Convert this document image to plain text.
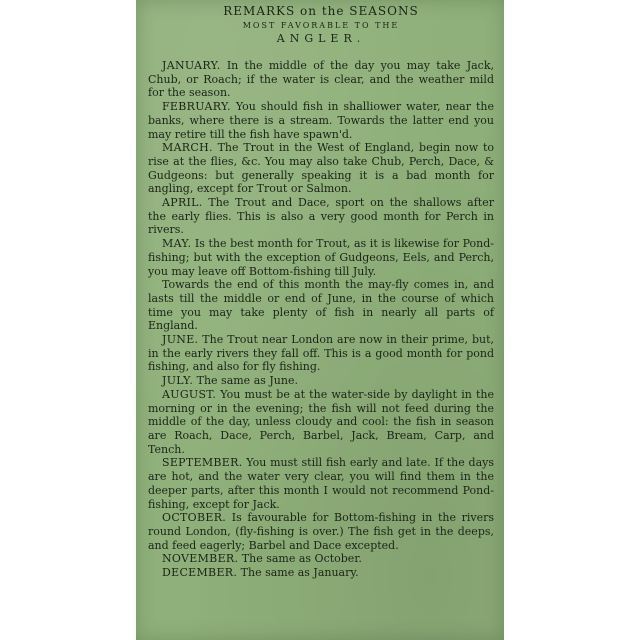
REMARKS on the SEASONS
MOST FAVORABLE TO THE
ANGLER.

JANUARY. In the middle of the day you may take Jack, Chub, or Roach; if the water is clear, and the weather mild for the season.

FEBRUARY. You should fish in shalliower water, near the banks, where there is a stream. Towards the latter end you may retire till the fish have spawn'd.

MARCH. The Trout in the West of England, begin now to rise at the flies, &c. You may also take Chub, Perch, Dace, & Gudgeons: but generally speaking it is a bad month for angling, except for Trout or Salmon.

APRIL. The Trout and Dace, sport on the shallows after the early flies. This is also a very good month for Perch in rivers.

MAY. Is the best month for Trout, as it is likewise for Pond-fishing; but with the exception of Gudgeons, Eels, and Perch, you may leave off Bottom-fishing till July.

Towards the end of this month the may-fly comes in, and lasts till the middle or end of June, in the course of which time you may take plenty of fish in nearly all parts of England.

JUNE. The Trout near London are now in their prime, but, in the early rivers they fall off. This is a good month for pond fishing, and also for fly fishing.

JULY. The same as June.

AUGUST. You must be at the water-side by daylight in the morning or in the evening; the fish will not feed during the middle of the day, unless cloudy and cool: the fish in season are Roach, Dace, Perch, Barbel, Jack, Bream, Carp, and Tench.

SEPTEMBER. You must still fish early and late. If the days are hot, and the water very clear, you will find them in the deeper parts, after this month I would not recommend Pond-fishing, except for Jack.

OCTOBER. Is favourable for Bottom-fishing in the rivers round London, (fly-fishing is over.) The fish get in the deeps, and feed eagerly; Barbel and Dace excepted.

NOVEMBER. The same as October.

DECEMBER. The same as January.
